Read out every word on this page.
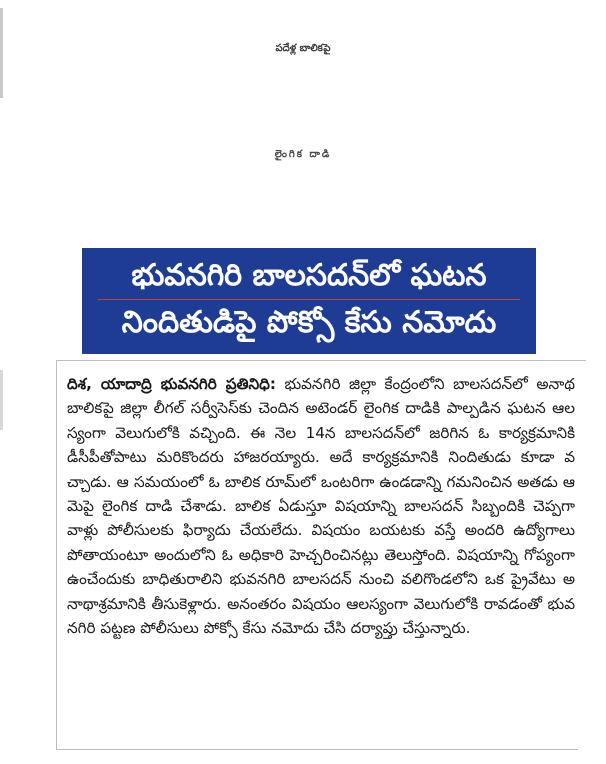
పదేళ్ల బాలికపై
లైంగిక దాడి
భువనగిరి బాలసదన్‌లో ఘటన
నిందితుడిపై పోక్సో కేసు నమోదు
దిశ, యాదాద్రి భువనగిరి ప్రతినిధి: భువనగిరి జిల్లా కేంద్రంలోని బాలసదన్‌లో అనాథ బాలికపై జిల్లా లీగల్ సర్వీసెస్‌కు చెందిన అటెండర్ లైంగిక దాడికి పాల్పడిన ఘటన ఆలస్యంగా వెలుగులోకి వచ్చింది. ఈ నెల 14న బాలసదన్‌లో జరిగిన ఓ కార్యక్రమానికి డీసీపీతోపాటు మరికొందరు హాజరయ్యారు. అదే కార్యక్రమానికి నిందితుడు కూడా వచ్చాడు. ఆ సమయంలో ఓ బాలిక రూమ్‌లో ఒంటరిగా ఉండడాన్ని గమనించిన అతడు ఆమెపై లైంగిక దాడి చేశాడు. బాలిక ఏడుస్తూ విషయాన్ని బాలసదన్ సిబ్బందికి చెప్పగా వాళ్లు పోలీసులకు ఫిర్యాదు చేయలేదు. విషయం బయటకు వస్తే అందరి ఉద్యోగాలు పోతాయంటూ అందులోని ఓ అధికారి హెచ్చరించినట్లు తెలుస్తోంది. విషయాన్ని గోప్యంగా ఉంచేందుకు బాధితురాలిని భువనగిరి బాలసదన్ నుంచి వలిగొండలోని ఒక ప్రైవేటు అనాథాశ్రమానికి తీసుకెళ్లారు. అనంతరం విషయం ఆలస్యంగా వెలుగులోకి రావడంతో భువనగిరి పట్టణ పోలీసులు పోక్సో కేసు నమోదు చేసి దర్యాప్తు చేస్తున్నారు.
